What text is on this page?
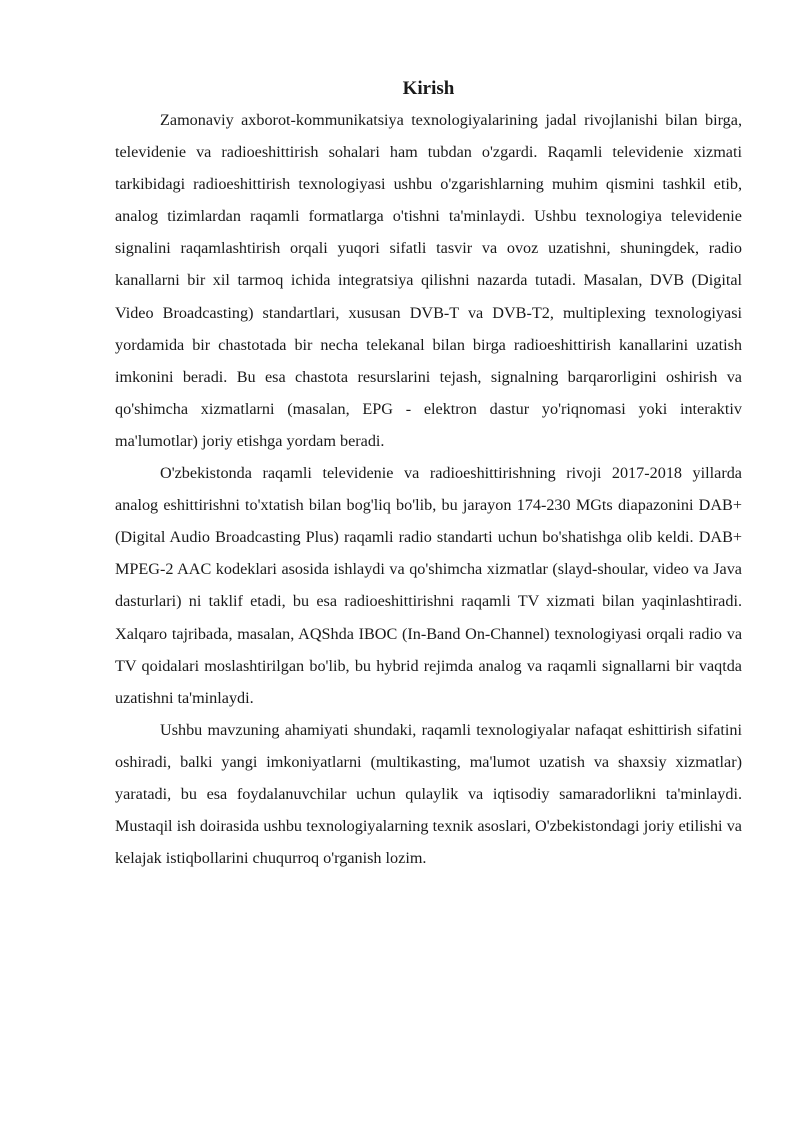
Kirish

Zamonaviy axborot-kommunikatsiya texnologiyalarining jadal rivojlanishi bilan birga, televidenie va radioeshittirish sohalari ham tubdan o'zgardi. Raqamli televidenie xizmati tarkibidagi radioeshittirish texnologiyasi ushbu o'zgarishlarning muhim qismini tashkil etib, analog tizimlardan raqamli formatlarga o'tishni ta'minlaydi. Ushbu texnologiya televidenie signalini raqamlashtirish orqali yuqori sifatli tasvir va ovoz uzatishni, shuningdek, radio kanallarni bir xil tarmoq ichida integratsiya qilishni nazarda tutadi. Masalan, DVB (Digital Video Broadcasting) standartlari, xususan DVB-T va DVB-T2, multiplexing texnologiyasi yordamida bir chastotada bir necha telekanal bilan birga radioeshittirish kanallarini uzatish imkonini beradi. Bu esa chastota resurslarini tejash, signalning barqarorligini oshirish va qo'shimcha xizmatlarni (masalan, EPG - elektron dastur yo'riqnomasi yoki interaktiv ma'lumotlar) joriy etishga yordam beradi.

O'zbekistonda raqamli televidenie va radioeshittirishning rivoji 2017-2018 yillarda analog eshittirishni to'xtatish bilan bog'liq bo'lib, bu jarayon 174-230 MGts diapazonini DAB+ (Digital Audio Broadcasting Plus) raqamli radio standarti uchun bo'shatishga olib keldi. DAB+ MPEG-2 AAC kodeklari asosida ishlaydi va qo'shimcha xizmatlar (slayd-shoular, video va Java dasturlari) ni taklif etadi, bu esa radioeshittirishni raqamli TV xizmati bilan yaqinlashtiradi. Xalqaro tajribada, masalan, AQShda IBOC (In-Band On-Channel) texnologiyasi orqali radio va TV qoidalari moslashtirilgan bo'lib, bu hybrid rejimda analog va raqamli signallarni bir vaqtda uzatishni ta'minlaydi.

Ushbu mavzuning ahamiyati shundaki, raqamli texnologiyalar nafaqat eshittirish sifatini oshiradi, balki yangi imkoniyatlarni (multikasting, ma'lumot uzatish va shaxsiy xizmatlar) yaratadi, bu esa foydalanuvchilar uchun qulaylik va iqtisodiy samaradorlikni ta'minlaydi. Mustaqil ish doirasida ushbu texnologiyalarning texnik asoslari, O'zbekistondagi joriy etilishi va kelajak istiqbollarini chuqurroq o'rganish lozim.
